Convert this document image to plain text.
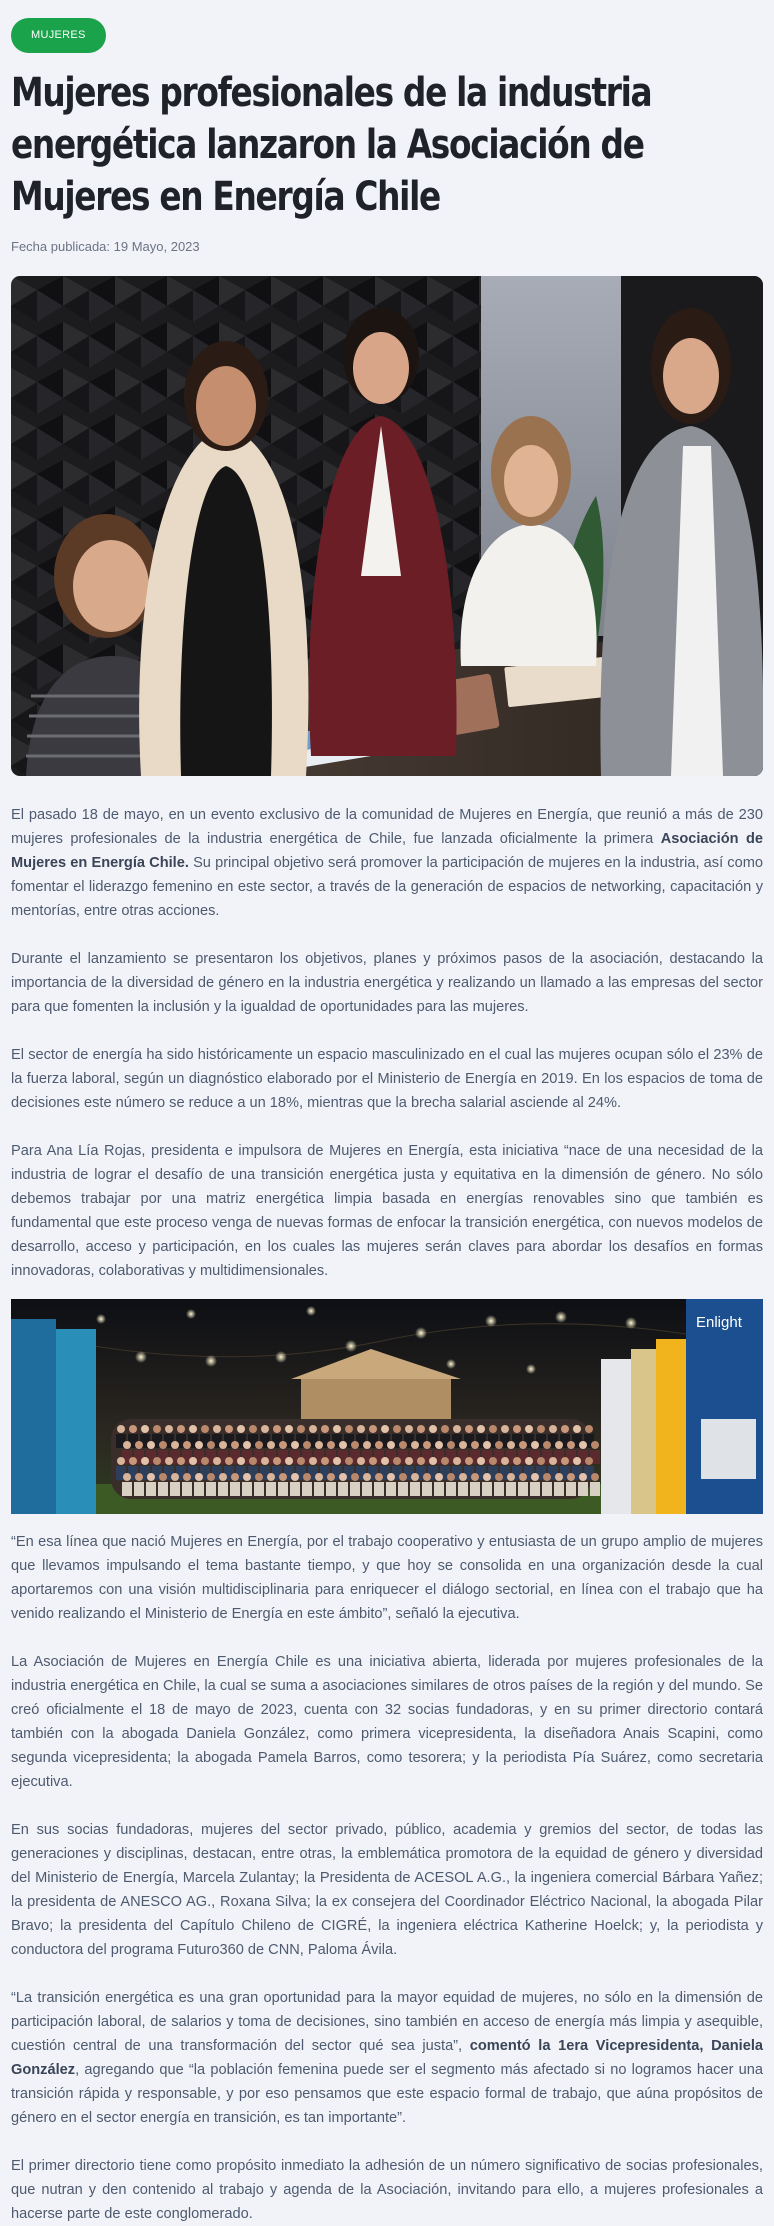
MUJERES
Mujeres profesionales de la industria energética lanzaron la Asociación de Mujeres en Energía Chile
Fecha publicada: 19 Mayo, 2023

El pasado 18 de mayo, en un evento exclusivo de la comunidad de Mujeres en Energía, que reunió a más de 230 mujeres profesionales de la industria energética de Chile, fue lanzada oficialmente la primera Asociación de Mujeres en Energía Chile. Su principal objetivo será promover la participación de mujeres en la industria, así como fomentar el liderazgo femenino en este sector, a través de la generación de espacios de networking, capacitación y mentorías, entre otras acciones.

Durante el lanzamiento se presentaron los objetivos, planes y próximos pasos de la asociación, destacando la importancia de la diversidad de género en la industria energética y realizando un llamado a las empresas del sector para que fomenten la inclusión y la igualdad de oportunidades para las mujeres.

El sector de energía ha sido históricamente un espacio masculinizado en el cual las mujeres ocupan sólo el 23% de la fuerza laboral, según un diagnóstico elaborado por el Ministerio de Energía en 2019. En los espacios de toma de decisiones este número se reduce a un 18%, mientras que la brecha salarial asciende al 24%.

Para Ana Lía Rojas, presidenta e impulsora de Mujeres en Energía, esta iniciativa “nace de una necesidad de la industria de lograr el desafío de una transición energética justa y equitativa en la dimensión de género. No sólo debemos trabajar por una matriz energética limpia basada en energías renovables sino que también es fundamental que este proceso venga de nuevas formas de enfocar la transición energética, con nuevos modelos de desarrollo, acceso y participación, en los cuales las mujeres serán claves para abordar los desafíos en formas innovadoras, colaborativas y multidimensionales.

Enlight

“En esa línea que nació Mujeres en Energía, por el trabajo cooperativo y entusiasta de un grupo amplio de mujeres que llevamos impulsando el tema bastante tiempo, y que hoy se consolida en una organización desde la cual aportaremos con una visión multidisciplinaria para enriquecer el diálogo sectorial, en línea con el trabajo que ha venido realizando el Ministerio de Energía en este ámbito”, señaló la ejecutiva.

La Asociación de Mujeres en Energía Chile es una iniciativa abierta, liderada por mujeres profesionales de la industria energética en Chile, la cual se suma a asociaciones similares de otros países de la región y del mundo. Se creó oficialmente el 18 de mayo de 2023, cuenta con 32 socias fundadoras, y en su primer directorio contará también con la abogada Daniela González, como primera vicepresidenta, la diseñadora Anais Scapini, como segunda vicepresidenta; la abogada Pamela Barros, como tesorera; y la periodista Pía Suárez, como secretaria ejecutiva.

En sus socias fundadoras, mujeres del sector privado, público, academia y gremios del sector, de todas las generaciones y disciplinas, destacan, entre otras, la emblemática promotora de la equidad de género y diversidad del Ministerio de Energía, Marcela Zulantay; la Presidenta de ACESOL A.G., la ingeniera comercial Bárbara Yañez; la presidenta de ANESCO AG., Roxana Silva; la ex consejera del Coordinador Eléctrico Nacional, la abogada Pilar Bravo; la presidenta del Capítulo Chileno de CIGRÉ, la ingeniera eléctrica Katherine Hoelck; y, la periodista y conductora del programa Futuro360 de CNN, Paloma Ávila.

“La transición energética es una gran oportunidad para la mayor equidad de mujeres, no sólo en la dimensión de participación laboral, de salarios y toma de decisiones, sino también en acceso de energía más limpia y asequible, cuestión central de una transformación del sector qué sea justa”, comentó la 1era Vicepresidenta, Daniela González, agregando que “la población femenina puede ser el segmento más afectado si no logramos hacer una transición rápida y responsable, y por eso pensamos que este espacio formal de trabajo, que aúna propósitos de género en el sector energía en transición, es tan importante”.

El primer directorio tiene como propósito inmediato la adhesión de un número significativo de socias profesionales, que nutran y den contenido al trabajo y agenda de la Asociación, invitando para ello, a mujeres profesionales a hacerse parte de este conglomerado.
